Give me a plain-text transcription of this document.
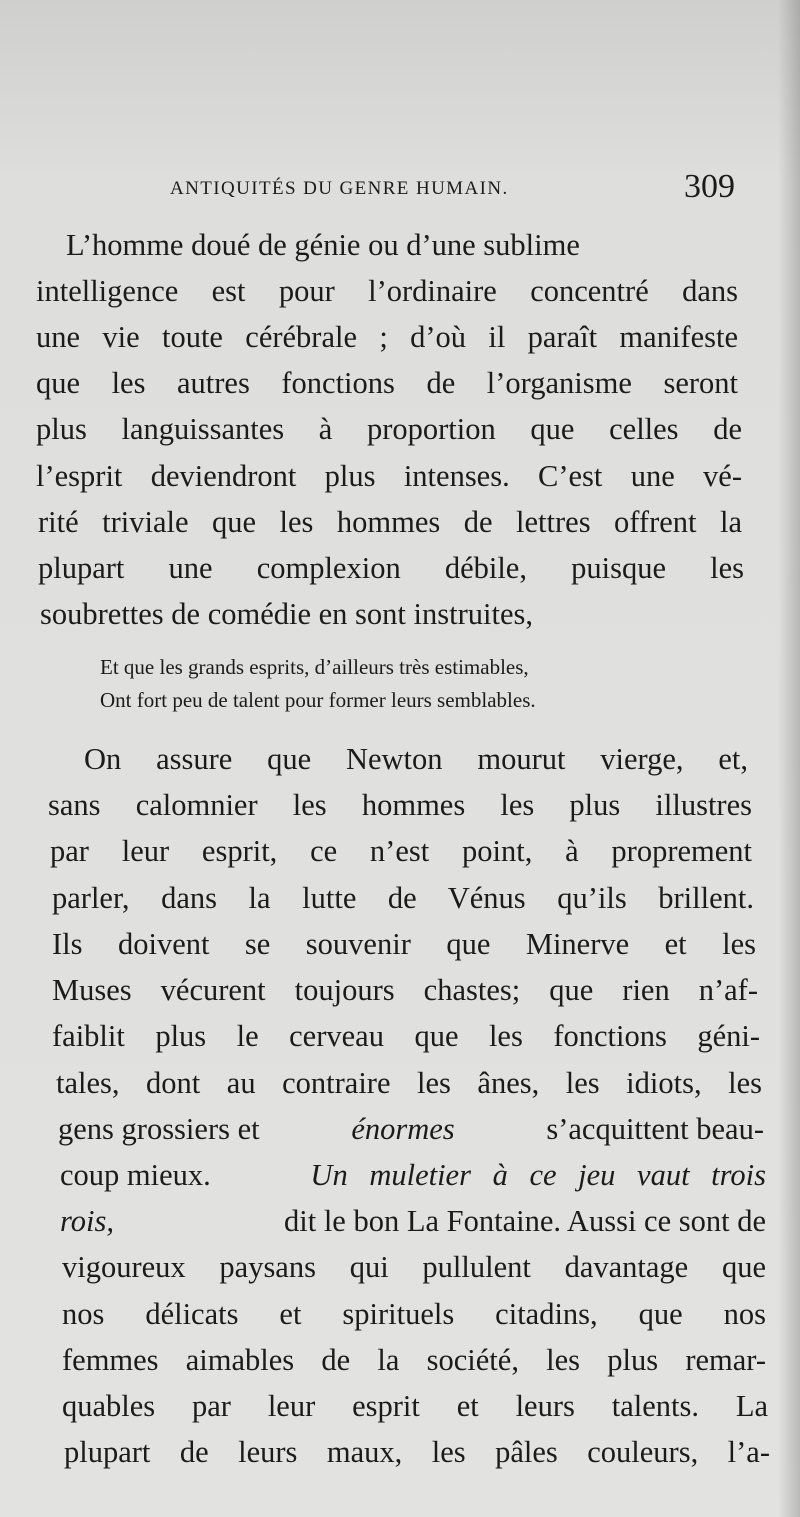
ANTIQUITÉS DU GENRE HUMAIN.	309
L’homme doué de génie ou d’une sublime
intelligence est pour l’ordinaire concentré dans
une vie toute cérébrale ; d’où il paraît manifeste
que les autres fonctions de l’organisme seront
plus languissantes à proportion que celles de
l’esprit deviendront plus intenses. C’est une vé-
rité triviale que les hommes de lettres offrent la
plupart une complexion débile, puisque les
soubrettes de comédie en sont instruites,
Et que les grands esprits, d’ailleurs très estimables,
Ont fort peu de talent pour former leurs semblables.
On assure que Newton mourut vierge, et,
sans calomnier les hommes les plus illustres
par leur esprit, ce n’est point, à proprement
parler, dans la lutte de Vénus qu’ils brillent.
Ils doivent se souvenir que Minerve et les
Muses vécurent toujours chastes; que rien n’af-
faiblit plus le cerveau que les fonctions géni-
tales, dont au contraire les ânes, les idiots, les
gens grossiers et	énormes	s’acquittent beau-
coup mieux.	Un muletier à ce jeu vaut trois
rois,	dit le bon La Fontaine. Aussi ce sont de
vigoureux paysans qui pullulent davantage que
nos délicats et spirituels citadins, que nos
femmes aimables de la société, les plus remar-
quables par leur esprit et leurs talents. La
plupart de leurs maux, les pâles couleurs, l’a-
